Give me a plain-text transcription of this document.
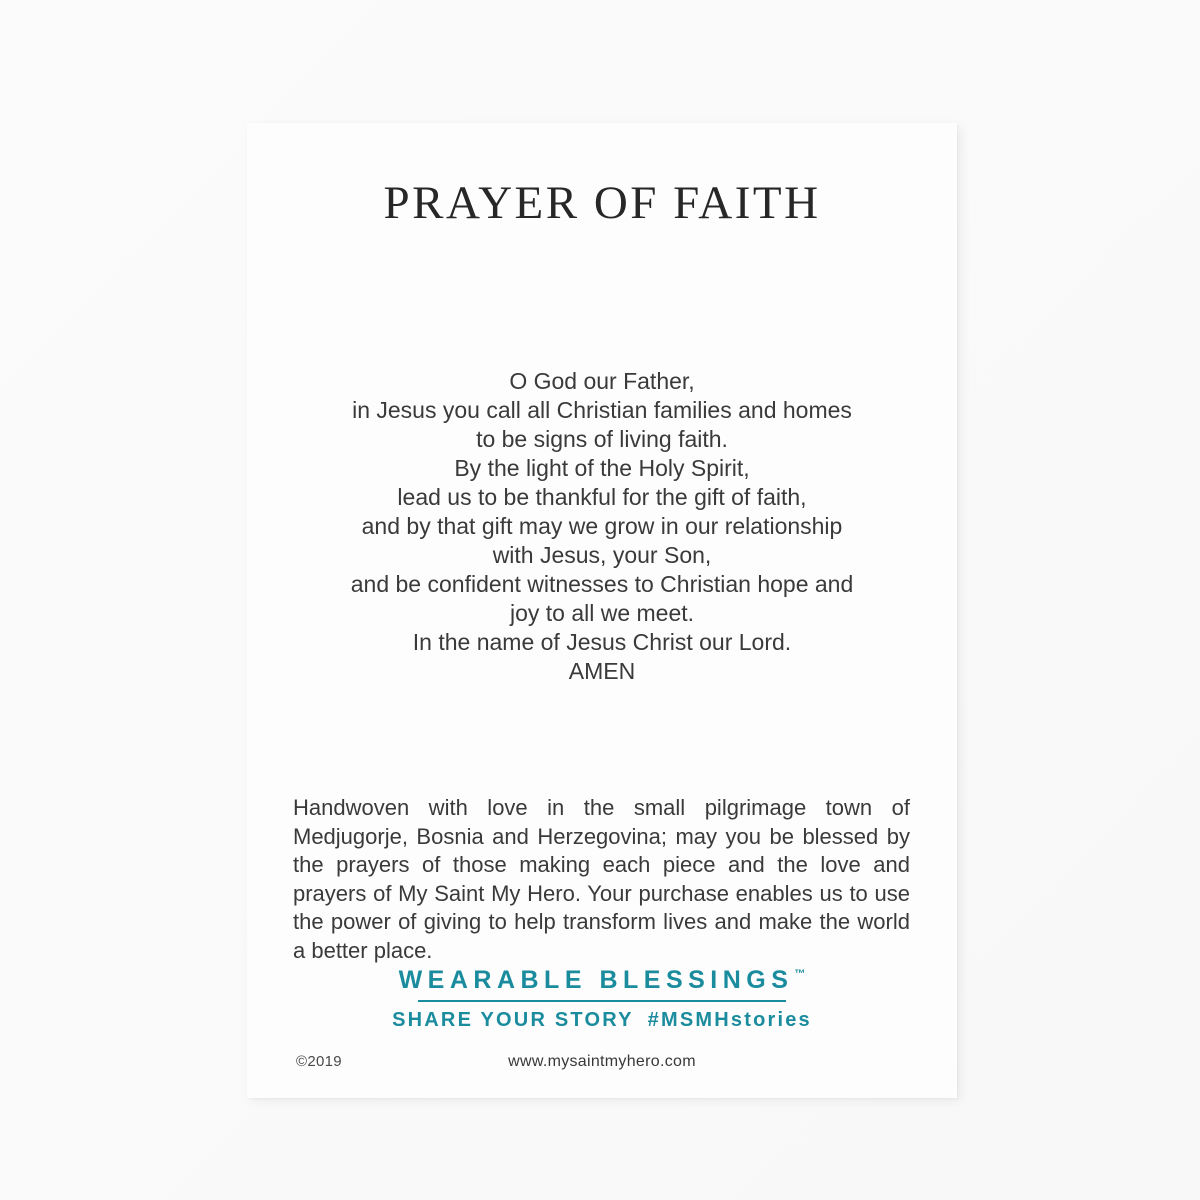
PRAYER OF FAITH
O God our Father,
in Jesus you call all Christian families and homes
to be signs of living faith.
By the light of the Holy Spirit,
lead us to be thankful for the gift of faith,
and by that gift may we grow in our relationship
with Jesus, your Son,
and be confident witnesses to Christian hope and
joy to all we meet.
In the name of Jesus Christ our Lord.
AMEN

Handwoven with love in the small pilgrimage town of Medjugorje, Bosnia and Herzegovina; may you be blessed by the prayers of those making each piece and the love and prayers of My Saint My Hero. Your purchase enables us to use the power of giving to help transform lives and make the world a better place.

WEARABLE BLESSINGS™
SHARE YOUR STORY #MSMHstories
©2019	www.mysaintmyhero.com
